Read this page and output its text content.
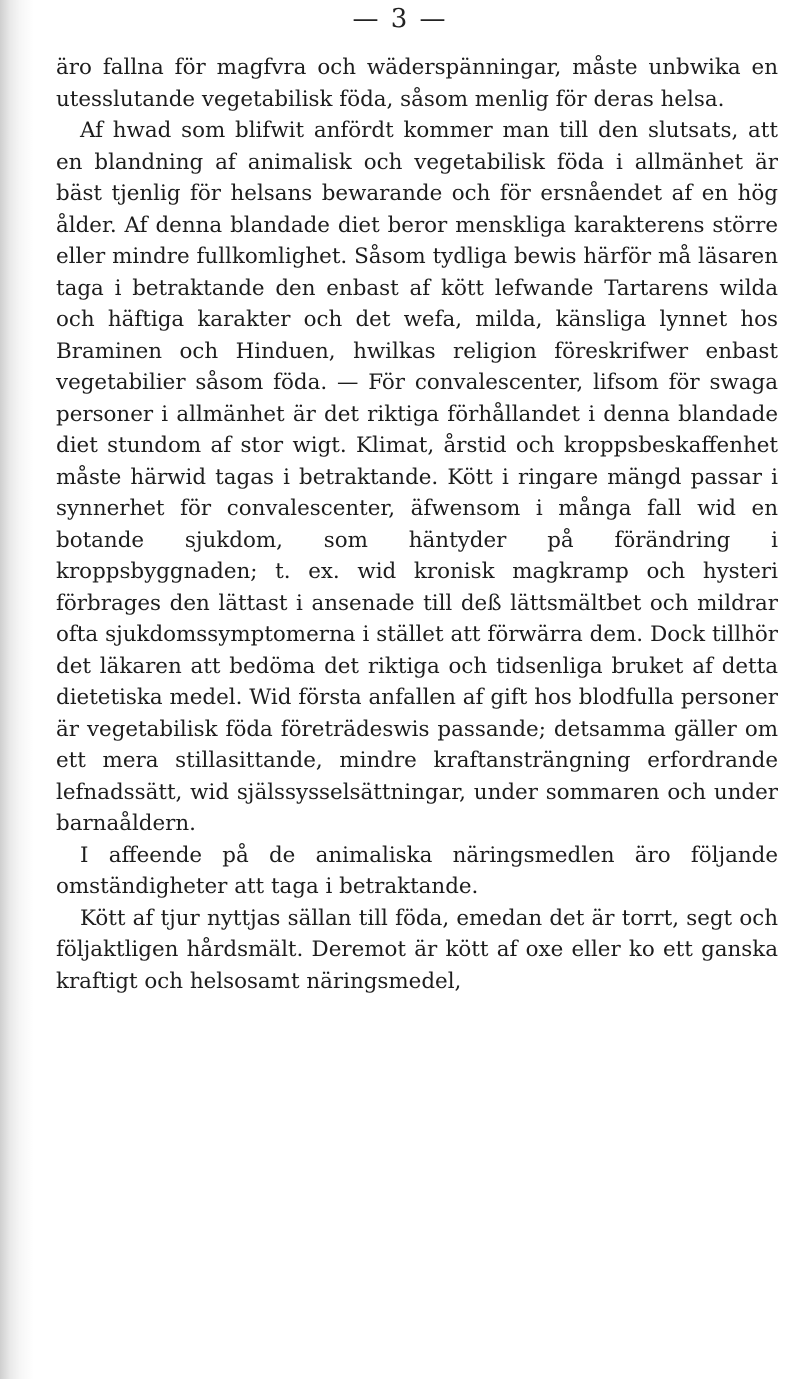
— 3 —

äro fallna för magfvra och wäderspänningar, måste unbwika en utesslutande vegetabilisk föda, såsom menlig för deras helsa.

Af hwad som blifwit anfördt kommer man till den slutsats, att en blandning af animalisk och vegetabilisk föda i allmänhet är bäst tjenlig för helsans bewarande och för ersnåendet af en hög ålder. Af denna blandade diet beror menskliga karakterens större eller mindre fullkomlighet. Såsom tydliga bewis härför må läsaren taga i betraktande den enbast af kött lefwande Tartarens wilda och häftiga karakter och det wefa, milda, känsliga lynnet hos Braminen och Hinduen, hwilkas religion föreskrifwer enbast vegetabilier såsom föda. — För convalescenter, lifsom för swaga personer i allmänhet är det riktiga förhållandet i denna blandade diet stundom af stor wigt. Klimat, årstid och kroppsbeskaffenhet måste härwid tagas i betraktande. Kött i ringare mängd passar i synnerhet för convalescenter, äfwensom i många fall wid en botande sjukdom, som häntyder på förändring i kroppsbyggnaden; t. ex. wid kronisk magkramp och hysteri förbrages den lättast i ansenade till deß lättsmältbet och mildrar ofta sjukdomssymptomerna i stället att förwärra dem. Dock tillhör det läkaren att bedöma det riktiga och tidsenliga bruket af detta dietetiska medel. Wid första anfallen af gift hos blodfulla personer är vegetabilisk föda företrädeswis passande; detsamma gäller om ett mera stillasittande, mindre kraftansträngning erfordrande lefnadssätt, wid själssysselsättningar, under sommaren och under barnaåldern.

I affeende på de animaliska näringsmedlen äro följande omständigheter att taga i betraktande.

Kött af tjur nyttjas sällan till föda, emedan det är torrt, segt och följaktligen hårdsmält. Deremot är kött af oxe eller ko ett ganska kraftigt och helsosamt näringsmedel,
